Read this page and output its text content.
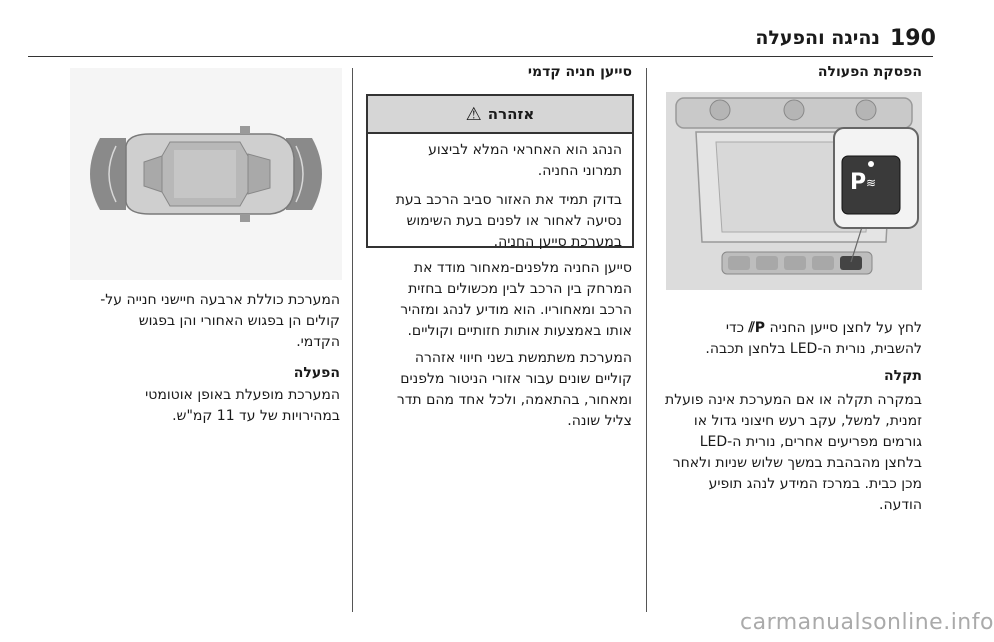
190
נהיגה והפעלה
הפסקת הפעולה
P ≋

לחץ על לחצן סייען החניה P⫽ כדי

להשבית, נורית ה-LED בלחצן תכבה.

תקלה

במקרה תקלה או אם המערכת אינה פועלת

זמנית, למשל, עקב רעש חיצוני גדול או

גורמים מפריעים אחרים, נורית ה-LED

בלחצן מהבהבת במשך שלוש שניות ולאחר

מכן כבית. במרכז המידע לנהג תופיע

הודעה.

סייען חניה קדמי
אזהרה
⚠

הנהג הוא האחראי המלא לביצוע
תמרוני החניה.

בדוק תמיד את האזור סביב הרכב בעת
נסיעה לאחור או לפנים בעת השימוש
במערכת סייען החניה.

סייען החניה מלפנים-מאחור מודד את

המרחק בין הרכב לבין מכשולים בחזית

הרכב ומאחוריו. הוא מודיע לנהג ומזהיר

אותו באמצעות אותות חזותיים וקוליים.

המערכת משתמשת בשני חיווי אזהרה

קוליים שונים עבור אזורי הניטור מלפנים

ומאחור, בהתאמה, ולכל אחד מהם תדר

צליל שונה.

המערכת כוללת ארבעה חיישני חנייה על-

קולים הן בפגוש האחורי והן בפגוש

הקדמי.

הפעלה

המערכת מופעלת באופן אוטומטי

במהירויות של עד 11 קמ"ש.

carmanualsonline.info
